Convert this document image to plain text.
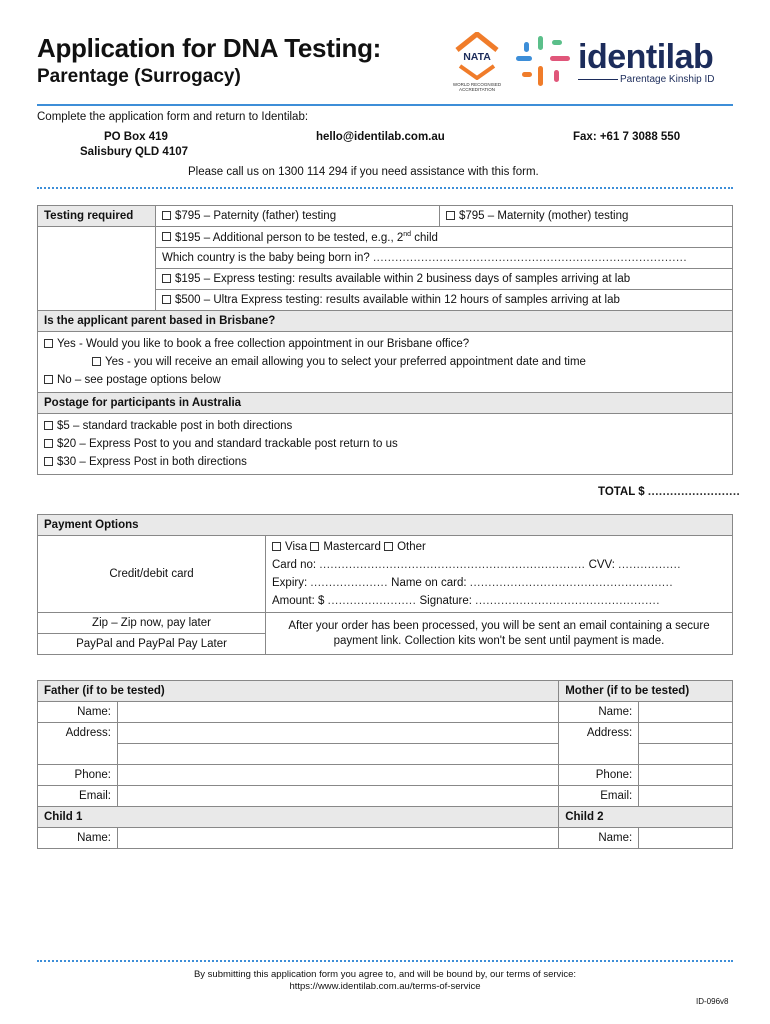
Application for DNA Testing:
Parentage (Surrogacy)
NATA
WORLD RECOGNISED ACCREDITATION
identilab
Parentage Kinship ID
Complete the application form and return to Identilab:
PO Box 419
Salisbury QLD 4107
hello@identilab.com.au	Fax: +61 7 3088 550
Please call us on 1300 114 294 if you need assistance with this form.
Testing required	$795 – Paternity (father) testing	$795 – Maternity (mother) testing
	$195 – Additional person to be tested, e.g., 2nd child	
	Which country is the baby being born in? .....................................................................................	
	$195 – Express testing: results available within 2 business days of samples arriving at lab	
	$500 – Ultra Express testing: results available within 12 hours of samples arriving at lab	
Is the applicant parent based in Brisbane?		

Yes - Would you like to book a free collection appointment in our Brisbane office?
Yes - you will receive an email allowing you to select your preferred appointment date and time
No – see postage options below		

Postage for participants in Australia		

$5 – standard trackable post in both directions
$20 – Express Post to you and standard trackable post return to us
$30 – Express Post in both directions		
TOTAL $ .........................
Payment Options	
Credit/debit card	Visa Mastercard Other
Card no: ........................................................................ CVV: .................
Expiry: ..................... Name on card: .......................................................
Amount: $ ........................ Signature: ..................................................

Zip – Zip now, pay later	After your order has been processed, you will be sent an email containing a secure payment link. Collection kits won't be sent until payment is made.
PayPal and PayPal Pay Later	
Father (if to be tested)		Mother (if to be tested)	
Name:		Name:	
Address:		Address:	

Phone:		Phone:	
Email:		Email:	
Child 1		Child 2	
Name:		Name:	
By submitting this application form you agree to, and will be bound by, our terms of service:
https://www.identilab.com.au/terms-of-service
ID-096v8
